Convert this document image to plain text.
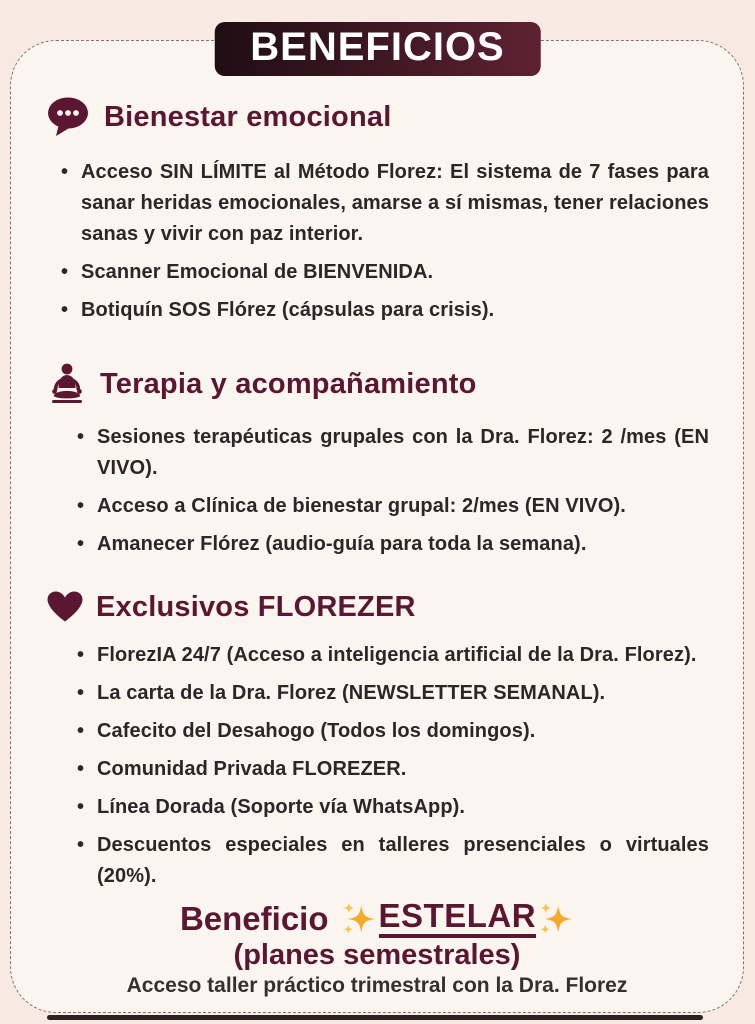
Bienestar emocional
• Acceso SIN LÍMITE al Método Florez: El sistema de 7 fases para sanar heridas emocionales, amarse a sí mismas, tener relaciones sanas y vivir con paz interior.
• Scanner Emocional de BIENVENIDA.
• Botiquín SOS Flórez (cápsulas para crisis).
Terapia y acompañamiento
• Sesiones terapéuticas grupales con la Dra. Florez: 2 /mes (EN VIVO).
• Acceso a Clínica de bienestar grupal: 2/mes (EN VIVO).
• Amanecer Flórez (audio-guía para toda la semana).
Exclusivos FLOREZER
• FlorezIA 24/7 (Acceso a inteligencia artificial de la Dra. Florez).
• La carta de la Dra. Florez (NEWSLETTER SEMANAL).
• Cafecito del Desahogo (Todos los domingos).
• Comunidad Privada FLOREZER.
• Línea Dorada (Soporte vía WhatsApp).
• Descuentos especiales en talleres presenciales o virtuales (20%).
Beneficio ESTELAR
(planes semestrales)
Acceso taller práctico trimestral con la Dra. Florez
BENEFICIOS
